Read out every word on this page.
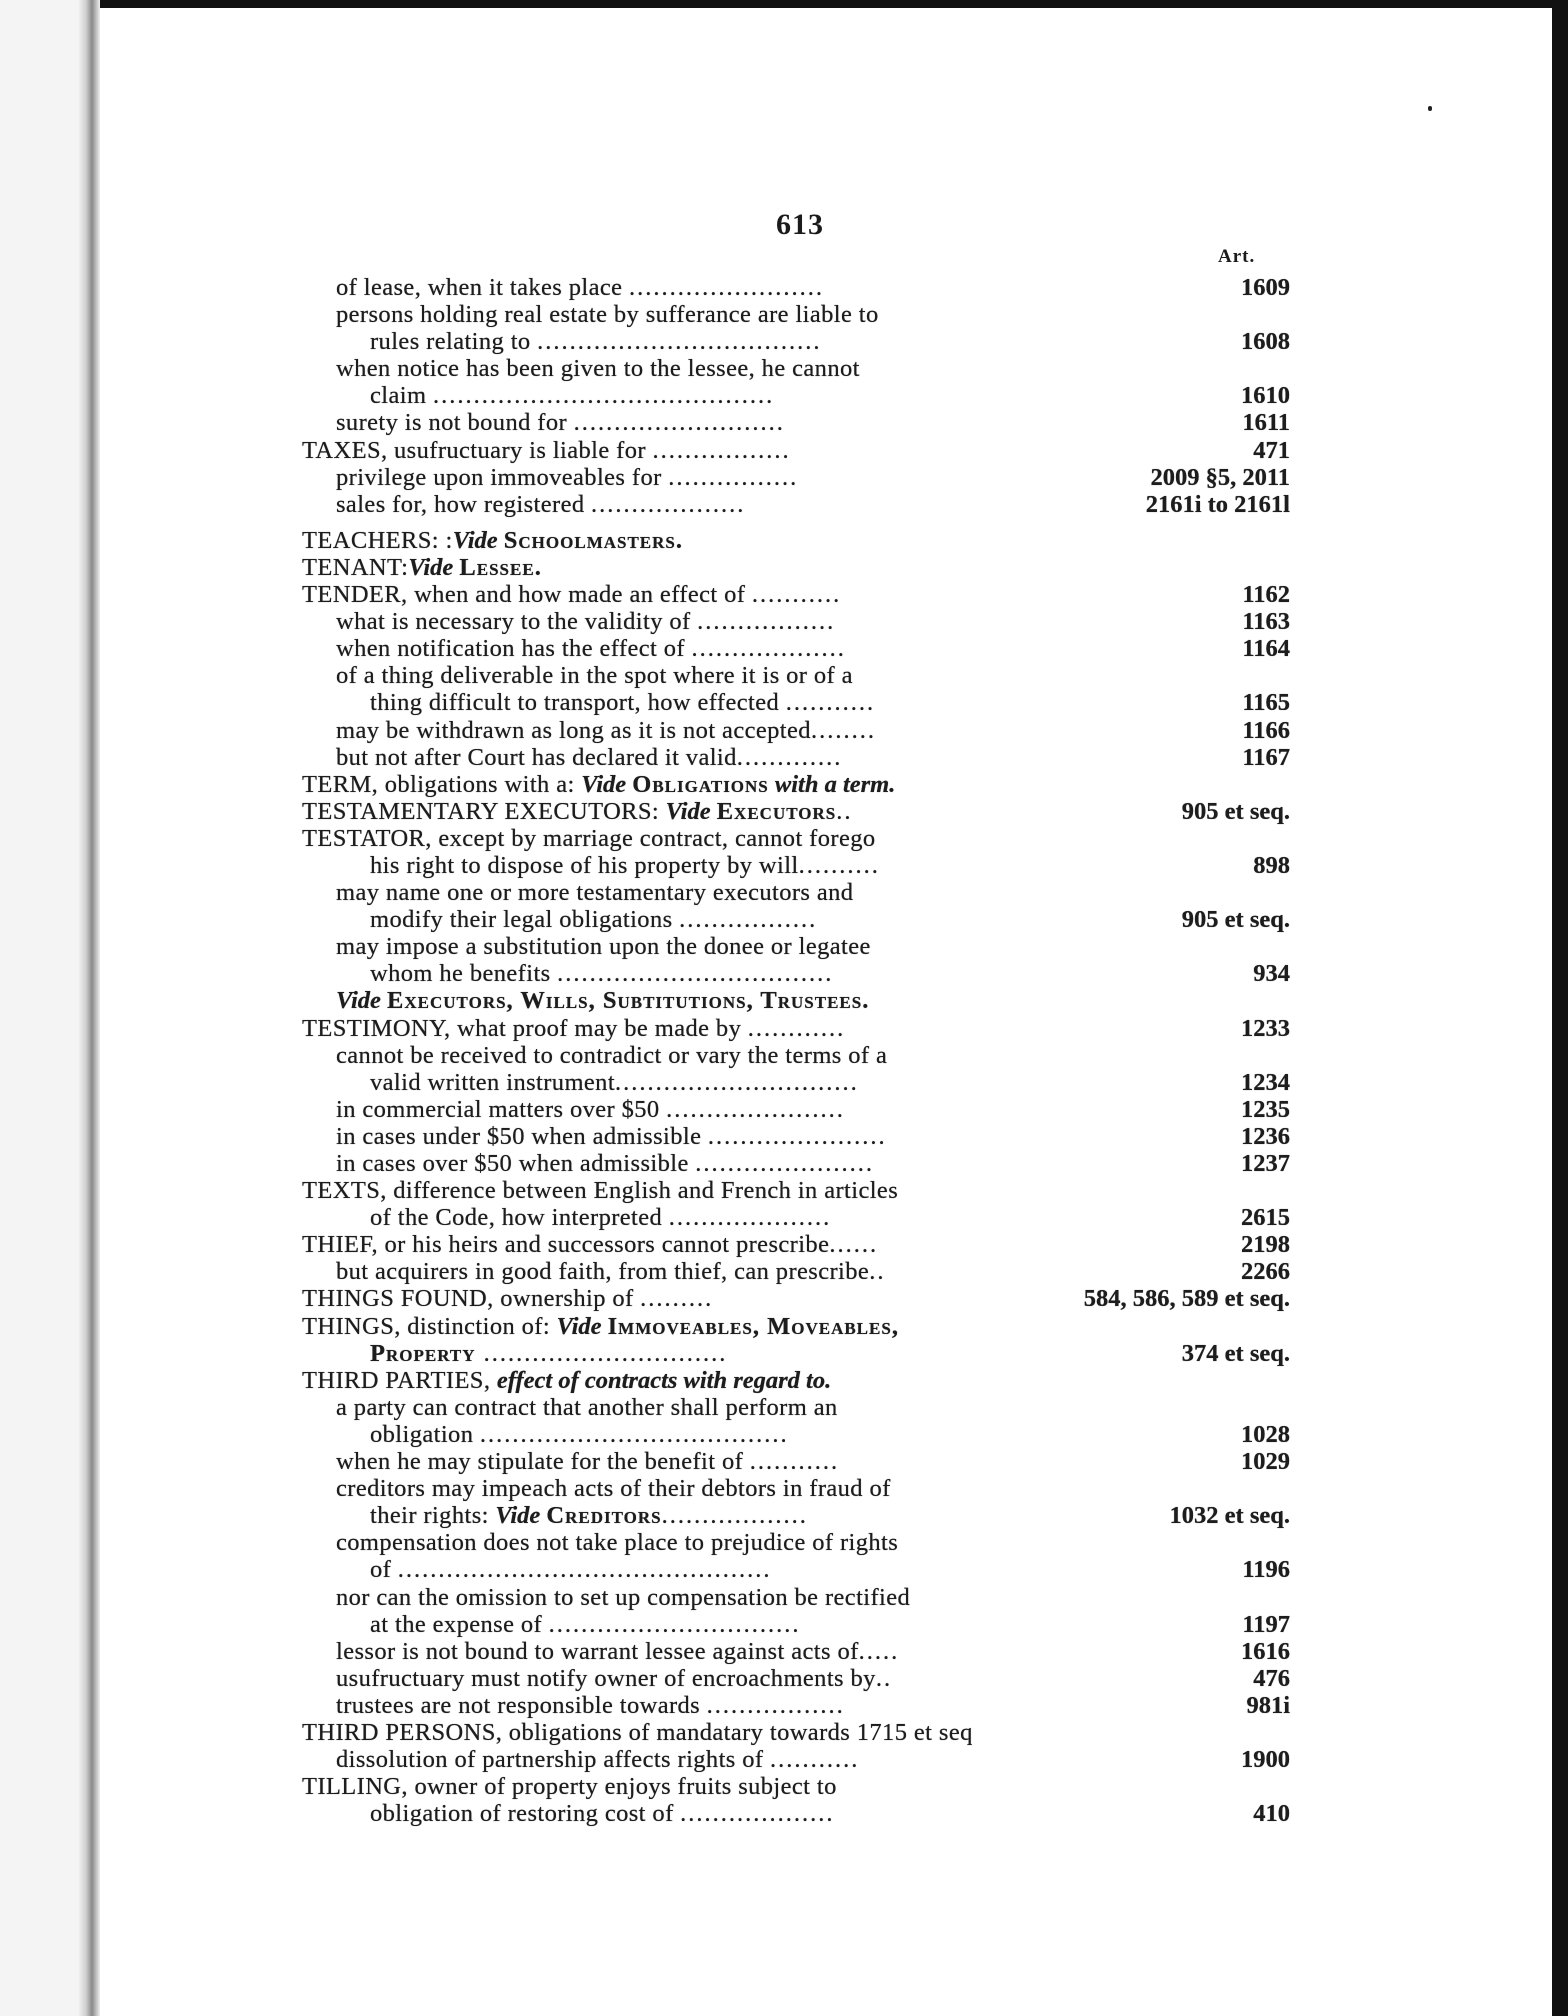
613
Art.
of lease, when it takes place ........................	1609
persons holding real estate by sufferance are liable to
rules relating to ...................................	1608
when notice has been given to the lessee, he cannot
claim ..........................................	1610
surety is not bound for ..........................	1611
TAXES, usufructuary is liable for .................	471
privilege upon immoveables for ................	2009 §5, 2011
sales for, how registered ...................	2161i to 2161l
TEACHERS: :Vide Schoolmasters.
TENANT:Vide Lessee.
TENDER, when and how made an effect of ...........	1162
what is necessary to the validity of .................	1163
when notification has the effect of ...................	1164
of a thing deliverable in the spot where it is or of a
thing difficult to transport, how effected ...........	1165
may be withdrawn as long as it is not accepted........	1166
but not after Court has declared it valid.............	1167
TERM, obligations with a: Vide Obligations with a term.
TESTAMENTARY EXECUTORS: Vide Executors..	905 et seq.
TESTATOR, except by marriage contract, cannot forego
his right to dispose of his property by will..........	898
may name one or more testamentary executors and
modify their legal obligations .................	905 et seq.
may impose a substitution upon the donee or legatee
whom he benefits ..................................	934
Vide Executors, Wills, Subtitutions, Trustees.
TESTIMONY, what proof may be made by ............	1233
cannot be received to contradict or vary the terms of a
valid written instrument..............................	1234
in commercial matters over $50 ......................	1235
in cases under $50 when admissible ......................	1236
in cases over $50 when admissible ......................	1237
TEXTS, difference between English and French in articles
of the Code, how interpreted ....................	2615
THIEF, or his heirs and successors cannot prescribe......	2198
but acquirers in good faith, from thief, can prescribe..	2266
THINGS FOUND, ownership of .........	584, 586, 589 et seq.
THINGS, distinction of: Vide Immoveables, Moveables,
Property ..............................	374 et seq.
THIRD PARTIES, effect of contracts with regard to.
a party can contract that another shall perform an
obligation ......................................	1028
when he may stipulate for the benefit of ...........	1029
creditors may impeach acts of their debtors in fraud of
their rights: Vide Creditors..................	1032 et seq.
compensation does not take place to prejudice of rights
of ..............................................	1196
nor can the omission to set up compensation be rectified
at the expense of ...............................	1197
lessor is not bound to warrant lessee against acts of.....	1616
usufructuary must notify owner of encroachments by..	476
trustees are not responsible towards .................	981i
THIRD PERSONS, obligations of mandatary towards 1715 et seq
dissolution of partnership affects rights of ...........	1900
TILLING, owner of property enjoys fruits subject to
obligation of restoring cost of ...................	410
